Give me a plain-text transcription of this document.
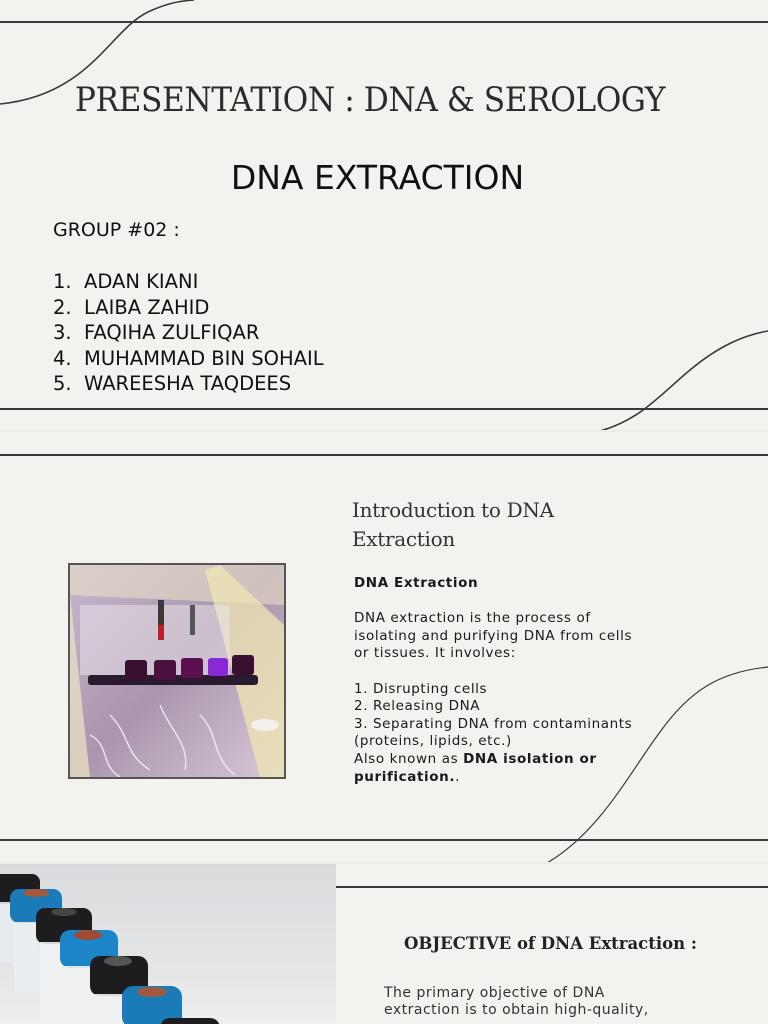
PRESENTATION : DNA & SEROLOGY
DNA EXTRACTION
GROUP #02 :
1. ADAN KIANI
2. LAIBA ZAHID
3. FAQIHA ZULFIQAR
4. MUHAMMAD BIN SOHAIL
5. WAREESHA TAQDEES
Introduction to DNA
Extraction

DNA Extraction

DNA extraction is the process of

isolating and purifying DNA from cells

or tissues. It involves:

1. Disrupting cells

2. Releasing DNA

3. Separating DNA from contaminants

(proteins, lipids, etc.)

Also known as DNA isolation or

purification..

OBJECTIVE of DNA Extraction :
The primary objective of DNA
extraction is to obtain high-quality,
